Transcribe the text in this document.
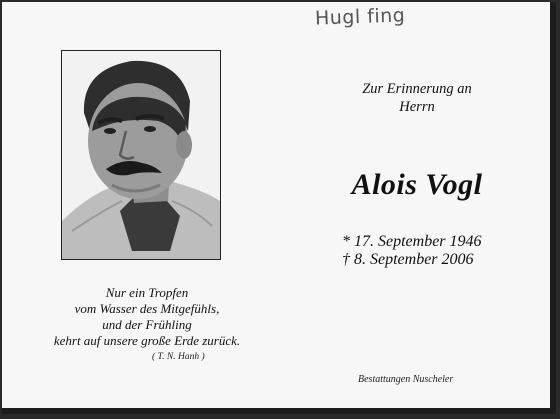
Hugl fing
Zur Erinnerung an
Herrn
Alois Vogl
* 17. September 1946
† 8. September 2006
Nur ein Tropfen
vom Wasser des Mitgefühls,
und der Frühling
kehrt auf unsere große Erde zurück.
( T. N. Hanh )
Bestattungen Nuscheler
